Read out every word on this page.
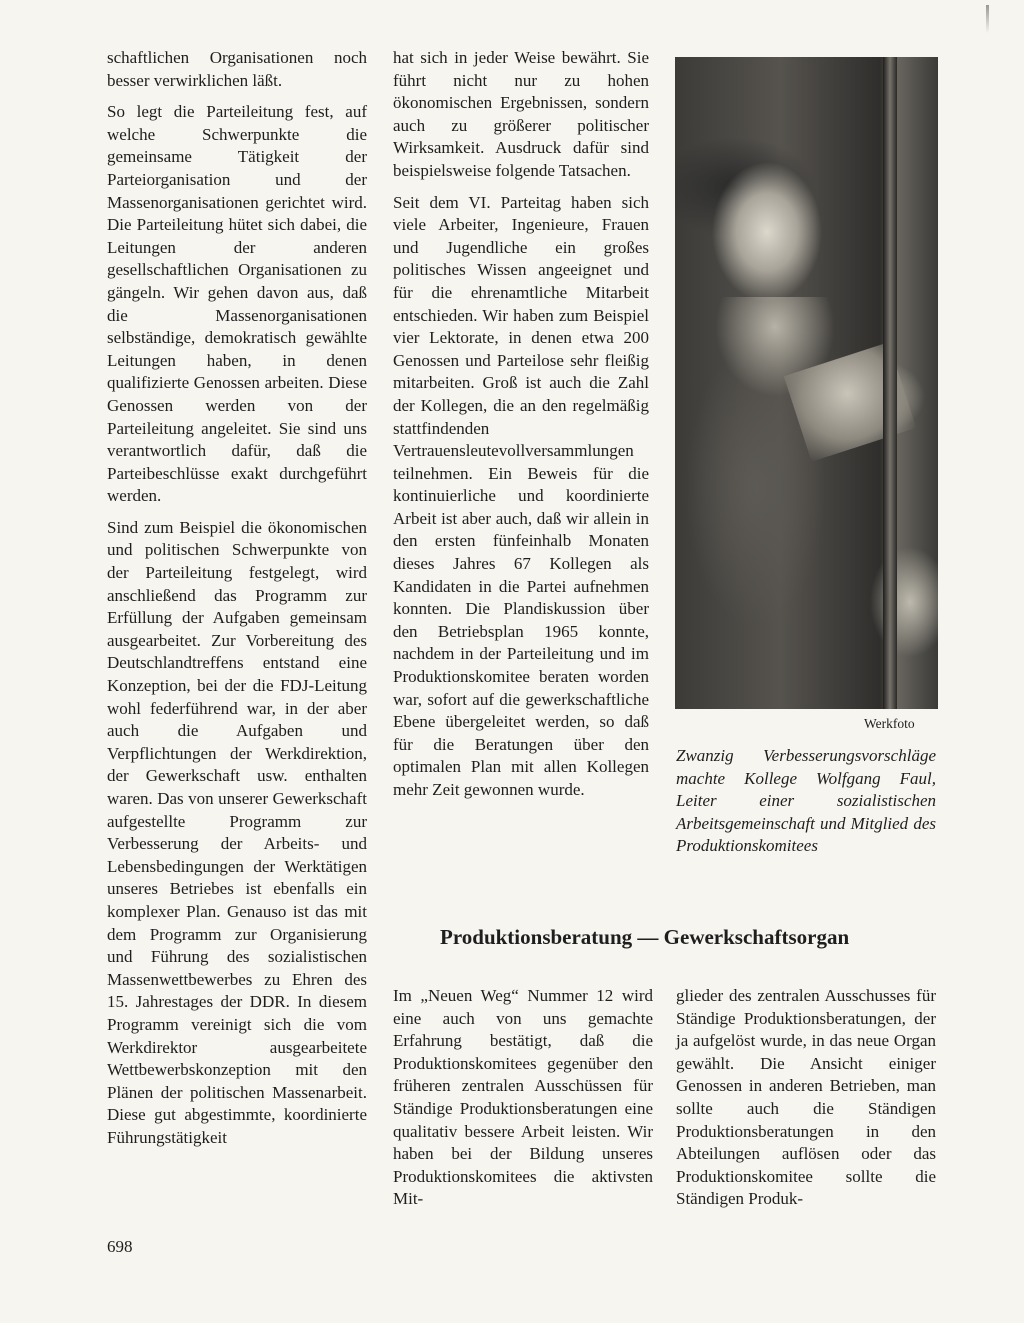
schaftlichen Organisationen noch besser verwirklichen läßt.

So legt die Parteileitung fest, auf welche Schwerpunkte die gemeinsame Tätigkeit der Parteiorganisation und der Massenorganisationen gerichtet wird. Die Parteileitung hütet sich dabei, die Leitungen der anderen gesellschaftlichen Organisationen zu gängeln. Wir gehen davon aus, daß die Massenorganisationen selbständige, demokratisch gewählte Leitungen haben, in denen qualifizierte Genossen arbeiten. Diese Genossen werden von der Parteileitung angeleitet. Sie sind uns verantwortlich dafür, daß die Parteibeschlüsse exakt durchgeführt werden.

Sind zum Beispiel die ökonomischen und politischen Schwerpunkte von der Parteileitung festgelegt, wird anschließend das Programm zur Erfüllung der Aufgaben gemeinsam ausgearbeitet. Zur Vorbereitung des Deutschlandtreffens entstand eine Konzeption, bei der die FDJ-Leitung wohl federführend war, in der aber auch die Aufgaben und Verpflichtungen der Werkdirektion, der Gewerkschaft usw. enthalten waren. Das von unserer Gewerkschaft aufgestellte Programm zur Verbesserung der Arbeits- und Lebensbedingungen der Werktätigen unseres Betriebes ist ebenfalls ein komplexer Plan. Genauso ist das mit dem Programm zur Organisierung und Führung des sozialistischen Massenwettbewerbes zu Ehren des 15. Jahrestages der DDR. In diesem Programm vereinigt sich die vom Werkdirektor ausgearbeitete Wettbewerbskonzeption mit den Plänen der politischen Massenarbeit. Diese gut abgestimmte, koordinierte Führungstätigkeit

hat sich in jeder Weise bewährt. Sie führt nicht nur zu hohen ökonomischen Ergebnissen, sondern auch zu größerer politischer Wirksamkeit. Ausdruck dafür sind beispielsweise folgende Tatsachen.

Seit dem VI. Parteitag haben sich viele Arbeiter, Ingenieure, Frauen und Jugendliche ein großes politisches Wissen angeeignet und für die ehrenamtliche Mitarbeit entschieden. Wir haben zum Beispiel vier Lektorate, in denen etwa 200 Genossen und Parteilose sehr fleißig mitarbeiten. Groß ist auch die Zahl der Kollegen, die an den regelmäßig stattfindenden Vertrauensleutevollversammlungen teilnehmen. Ein Beweis für die kontinuierliche und koordinierte Arbeit ist aber auch, daß wir allein in den ersten fünfeinhalb Monaten dieses Jahres 67 Kollegen als Kandidaten in die Partei aufnehmen konnten. Die Plandiskussion über den Betriebsplan 1965 konnte, nachdem in der Parteileitung und im Produktionskomitee beraten worden war, sofort auf die gewerkschaftliche Ebene übergeleitet werden, so daß für die Beratungen über den optimalen Plan mit allen Kollegen mehr Zeit gewonnen wurde.

Werkfoto
Zwanzig Verbesserungsvorschläge machte Kollege Wolfgang Faul, Leiter einer sozialistischen Arbeitsgemeinschaft und Mitglied des Produktionskomitees
Produktionsberatung — Gewerkschaftsorgan

Im „Neuen Weg“ Nummer 12 wird eine auch von uns gemachte Erfahrung bestätigt, daß die Produktionskomitees gegenüber den früheren zentralen Ausschüssen für Ständige Produktionsberatungen eine qualitativ bessere Arbeit leisten. Wir haben bei der Bildung unseres Produktionskomitees die aktivsten Mit-

glieder des zentralen Ausschusses für Ständige Produktionsberatungen, der ja aufgelöst wurde, in das neue Organ gewählt. Die Ansicht einiger Genossen in anderen Betrieben, man sollte auch die Ständigen Produktionsberatungen in den Abteilungen auflösen oder das Produktionskomitee sollte die Ständigen Produk-

698
